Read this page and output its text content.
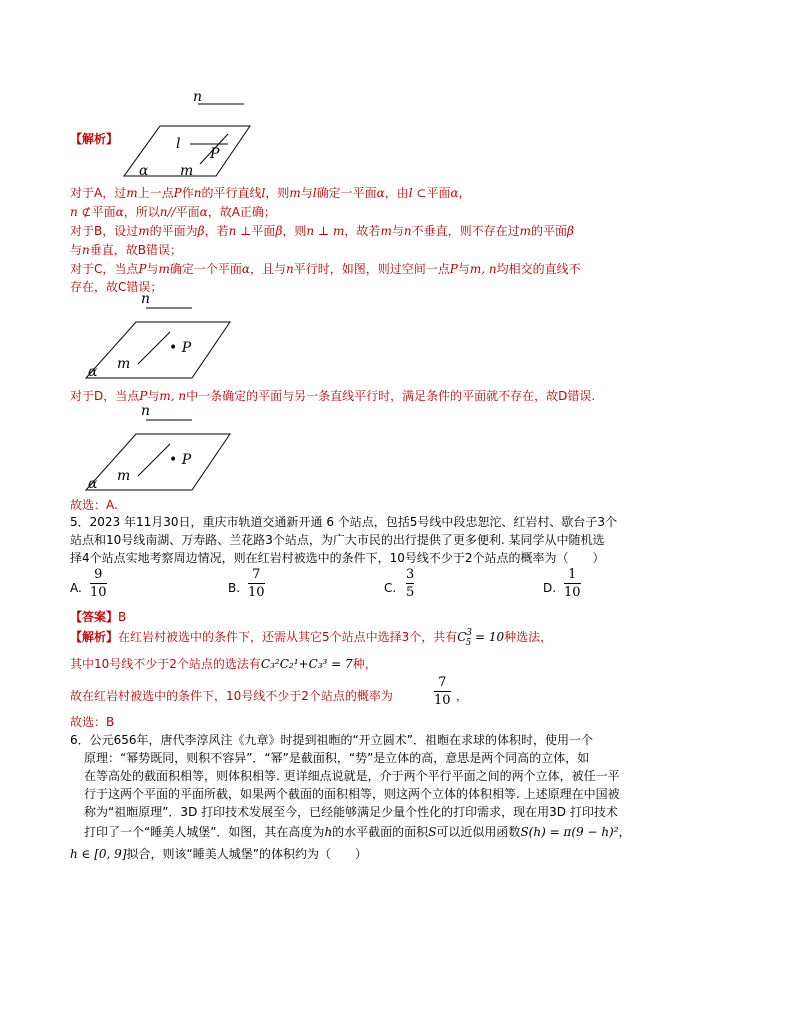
n
l
P
α m
【解析】
对于A，过m上一点P作n的平行直线l，则m与l确定一平面α，由l ⊂平面α，
n ⊄平面α，所以n//平面α，故A正确；
对于B，设过m的平面为β，若n ⊥平面β，则n ⊥ m，故若m与n不垂直，则不存在过m的平面β
与n垂直，故B错误；
对于C，当点P与m确定一个平面α，且与n平行时，如图，则过空间一点P与m, n均相交的直线不
存在，故C错误；
n
• P
m
α
对于D，当点P与m, n中一条确定的平面与另一条直线平行时，满足条件的平面就不存在，故D错误.
n
• P
m
α
故选：A.
5．2023 年11月30日，重庆市轨道交通新开通 6 个站点，包括5号线中段忠恕沱、红岩村、歇台子3个
站点和10号线南湖、万寿路、兰花路3个站点，为广大市民的出行提供了更多便利. 某同学从中随机选
择4个站点实地考察周边情况，则在红岩村被选中的条件下，10号线不少于2个站点的概率为（　　）
A.
9
10	B.
7
10	C.
3
5	D.
1
10
【答案】B
【解析】在红岩村被选中的条件下，还需从其它5个站点中选择3个，共有$C_5^3 = 10$种选法，
其中10号线不少于2个站点的选法有C₃²C₂¹+C₃³ = 7种，
故在红岩村被选中的条件下，10号线不少于2个站点的概率为
7
10 ，
故选：B
6．公元656年，唐代李淳风注《九章》时提到祖暅的“开立圆术”．祖暅在求球的体积时，使用一个
原理：“幂势既同，则积不容异”．“幂”是截面积，“势”是立体的高，意思是两个同高的立体，如
在等高处的截面积相等，则体积相等. 更详细点说就是，介于两个平行平面之间的两个立体，被任一平
行于这两个平面的平面所截，如果两个截面的面积相等，则这两个立体的体积相等. 上述原理在中国被
称为“祖暅原理”．3D 打印技术发展至今，已经能够满足少量个性化的打印需求，现在用3D 打印技术
打印了一个“睡美人城堡”．如图，其在高度为h的水平截面的面积S可以近似用函数S(h) = π(9 − h)²，
h ∈ [0, 9]拟合，则该“睡美人城堡”的体积约为（　　）
